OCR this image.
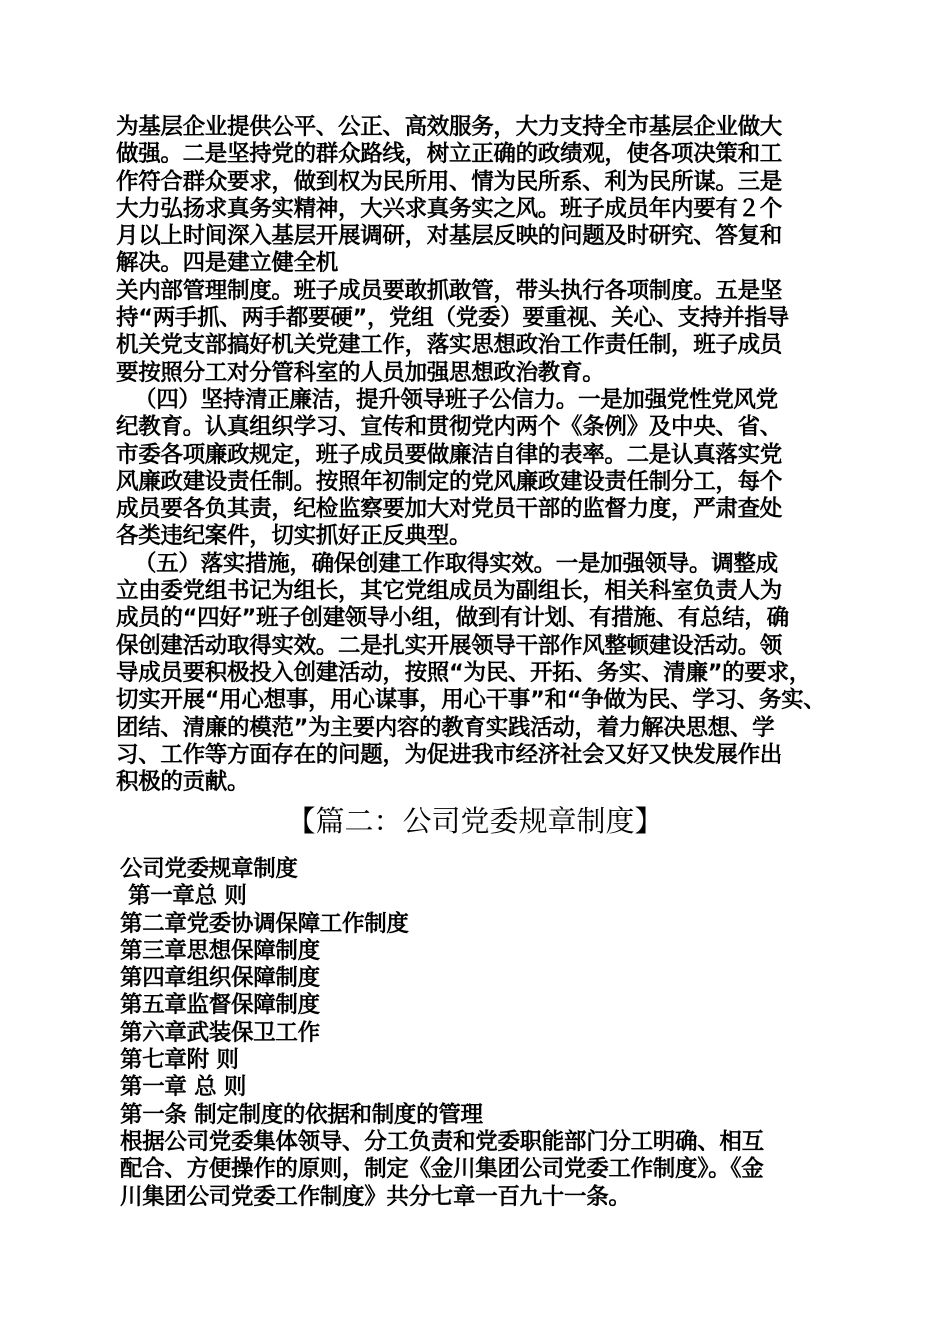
为基层企业提供公平、公正、高效服务，大力支持全市基层企业做大
做强。二是坚持党的群众路线，树立正确的政绩观，使各项决策和工
作符合群众要求，做到权为民所用、情为民所系、利为民所谋。三是
大力弘扬求真务实精神，大兴求真务实之风。班子成员年内要有２个
月以上时间深入基层开展调研，对基层反映的问题及时研究、答复和
解决。四是建立健全机
关内部管理制度。班子成员要敢抓敢管，带头执行各项制度。五是坚
持“两手抓、两手都要硬”，党组（党委）要重视、关心、支持并指导
机关党支部搞好机关党建工作，落实思想政治工作责任制，班子成员
要按照分工对分管科室的人员加强思想政治教育。
（四）坚持清正廉洁，提升领导班子公信力。一是加强党性党风党
纪教育。认真组织学习、宣传和贯彻党内两个《条例》及中央、省、
市委各项廉政规定，班子成员要做廉洁自律的表率。二是认真落实党
风廉政建设责任制。按照年初制定的党风廉政建设责任制分工，每个
成员要各负其责，纪检监察要加大对党员干部的监督力度，严肃查处
各类违纪案件，切实抓好正反典型。
（五）落实措施，确保创建工作取得实效。一是加强领导。调整成
立由委党组书记为组长，其它党组成员为副组长，相关科室负责人为
成员的“四好”班子创建领导小组，做到有计划、有措施、有总结，确
保创建活动取得实效。二是扎实开展领导干部作风整顿建设活动。领
导成员要积极投入创建活动，按照“为民、开拓、务实、清廉”的要求，
切实开展“用心想事，用心谋事，用心干事”和“争做为民、学习、务实、
团结、清廉的模范”为主要内容的教育实践活动，着力解决思想、学
习、工作等方面存在的问题，为促进我市经济社会又好又快发展作出
积极的贡献。
【篇二：公司党委规章制度】
公司党委规章制度
第一章总 则
第二章党委协调保障工作制度
第三章思想保障制度
第四章组织保障制度
第五章监督保障制度
第六章武装保卫工作
第七章附 则
第一章 总 则
第一条 制定制度的依据和制度的管理
根据公司党委集体领导、分工负责和党委职能部门分工明确、相互
配合、方便操作的原则，制定《金川集团公司党委工作制度》。《金
川集团公司党委工作制度》共分七章一百九十一条。
